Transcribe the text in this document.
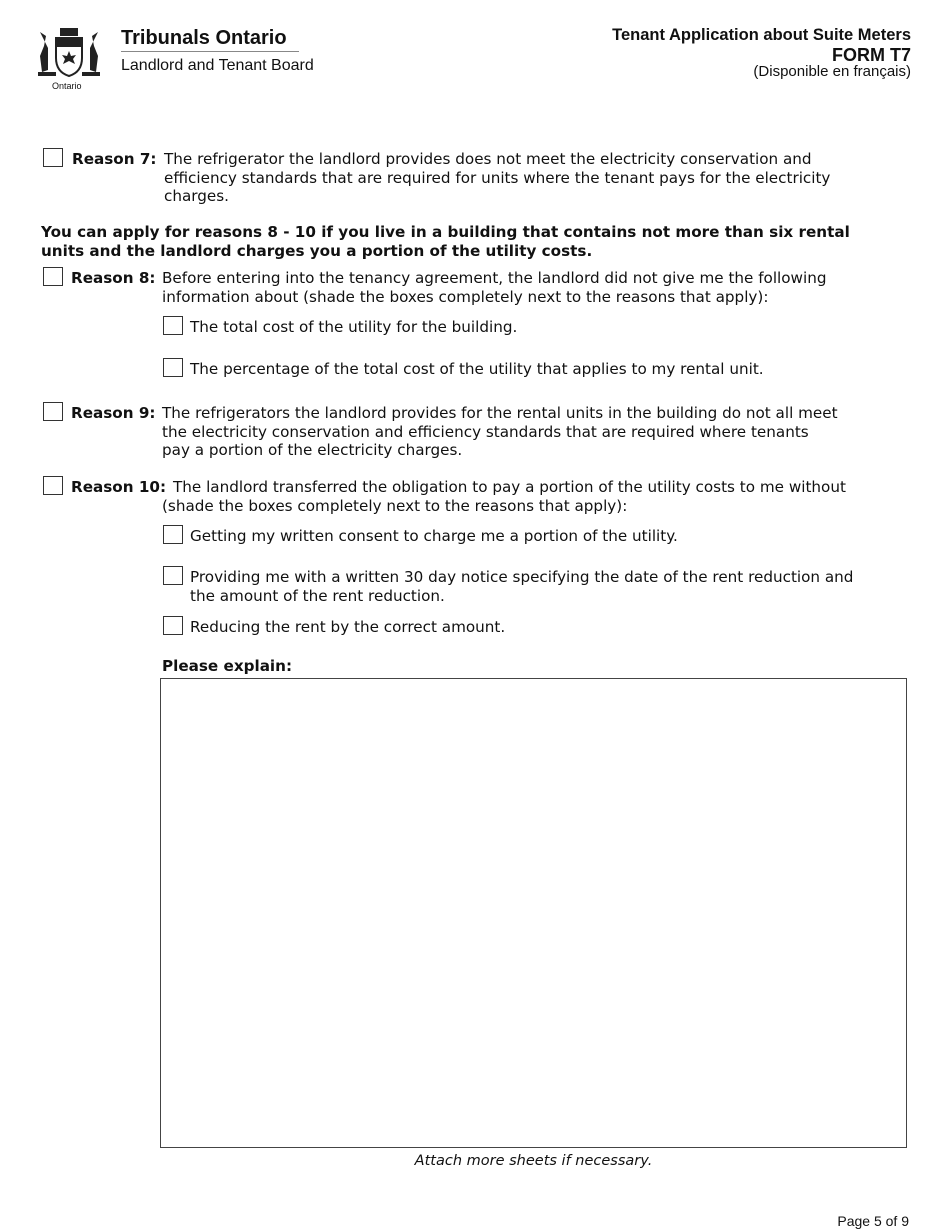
Ontario
Tribunals Ontario
Landlord and Tenant Board
Tenant Application about Suite Meters
FORM T7
(Disponible en français)
Reason 7: The refrigerator the landlord provides does not meet the electricity conservation and
efficiency standards that are required for units where the tenant pays for the electricity
charges.
You can apply for reasons 8 - 10 if you live in a building that contains not more than six rental
units and the landlord charges you a portion of the utility costs.
Reason 8: Before entering into the tenancy agreement, the landlord did not give me the following
information about (shade the boxes completely next to the reasons that apply):
The total cost of the utility for the building.
The percentage of the total cost of the utility that applies to my rental unit.
Reason 9: The refrigerators the landlord provides for the rental units in the building do not all meet
the electricity conservation and efficiency standards that are required where tenants
pay a portion of the electricity charges.
Reason 10: The landlord transferred the obligation to pay a portion of the utility costs to me without
(shade the boxes completely next to the reasons that apply):
Getting my written consent to charge me a portion of the utility.
Providing me with a written 30 day notice specifying the date of the rent reduction and
the amount of the rent reduction.
Reducing the rent by the correct amount.
Please explain:
Attach more sheets if necessary.
Page 5 of 9
